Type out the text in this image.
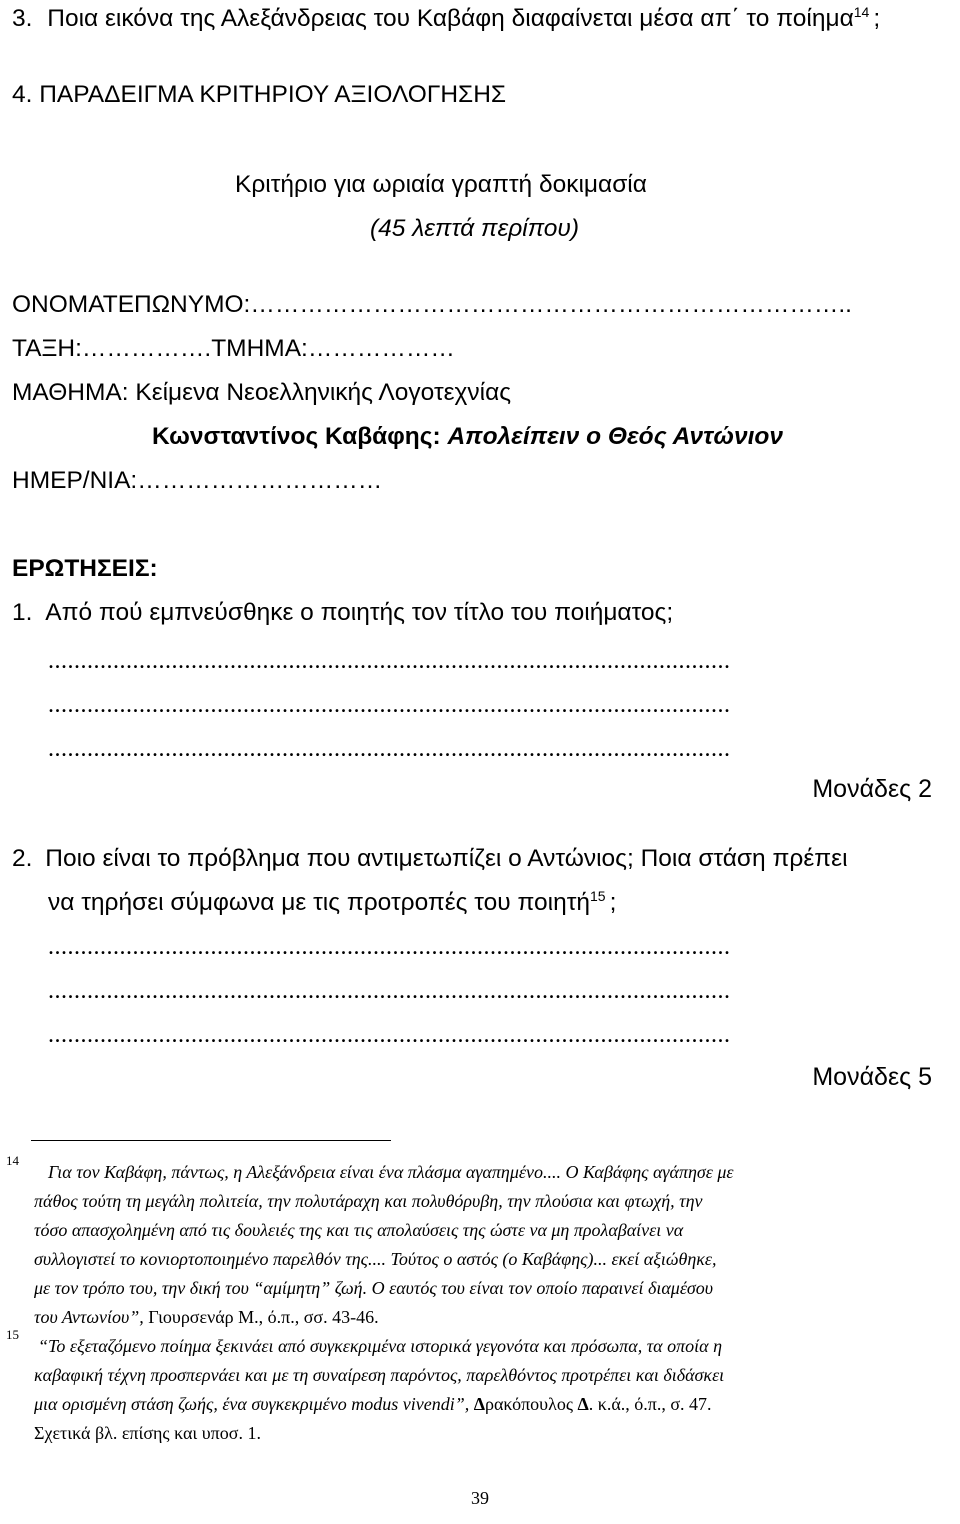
3. Ποια εικόνα της Αλεξάνδρειας του Καβάφη διαφαίνεται μέσα απ΄ το ποίημα$^{14}$ ;
4. ΠΑΡΑΔΕΙΓΜΑ ΚΡΙΤΗΡΙΟΥ ΑΞΙΟΛΟΓΗΣΗΣ
Κριτήριο για ωριαία γραπτή δοκιμασία
(45 λεπτά περίπου)
ΟΝΟΜΑΤΕΠΩΝΥΜΟ:………………………………………………………………..
ΤΑΞΗ:…………….ΤΜΗΜΑ:………………
ΜΑΘΗΜΑ: Κείμενα Νεοελληνικής Λογοτεχνίας
Κωνσταντίνος Καβάφης: Απολείπειν ο Θεός Αντώνιον
ΗΜΕΡ/ΝΙΑ:…………………………
ΕΡΩΤΗΣΕΙΣ:
1. Από πού εμπνεύσθηκε ο ποιητής τον τίτλο του ποιήματος;
.........................................................................................................
.........................................................................................................
.........................................................................................................
Μονάδες 2
2. Ποιο είναι το πρόβλημα που αντιμετωπίζει ο Αντώνιος; Ποια στάση πρέπει
να τηρήσει σύμφωνα με τις προτροπές του ποιητή$^{15}$ ;
.........................................................................................................
.........................................................................................................
.........................................................................................................
Μονάδες 5
14
Για τον Καβάφη, πάντως, η Αλεξάνδρεια είναι ένα πλάσμα αγαπημένο.... Ο Καβάφης αγάπησε με
πάθος τούτη τη μεγάλη πολιτεία, την πολυτάραχη και πολυθόρυβη, την πλούσια και φτωχή, την
τόσο απασχολημένη από τις δουλειές της και τις απολαύσεις της ώστε να μη προλαβαίνει να
συλλογιστεί το κονιορτοποιημένο παρελθόν της.... Τούτος ο αστός (ο Καβάφης)... εκεί αξιώθηκε,
με τον τρόπο του, την δική του “αμίμητη” ζωή. Ο εαυτός του είναι τον οποίο παραινεί διαμέσου
του Αντωνίου”, Γιουρσενάρ Μ., ό.π., σσ. 43-46.
15
“Το εξεταζόμενο ποίημα ξεκινάει από συγκεκριμένα ιστορικά γεγονότα και πρόσωπα, τα οποία η
καβαφική τέχνη προσπερνάει και με τη συναίρεση παρόντος, παρελθόντος προτρέπει και διδάσκει
μια ορισμένη στάση ζωής, ένα συγκεκριμένο modus vivendi”, Δρακόπουλος Δ. κ.ά., ό.π., σ. 47.
Σχετικά βλ. επίσης και υποσ. 1.
39
